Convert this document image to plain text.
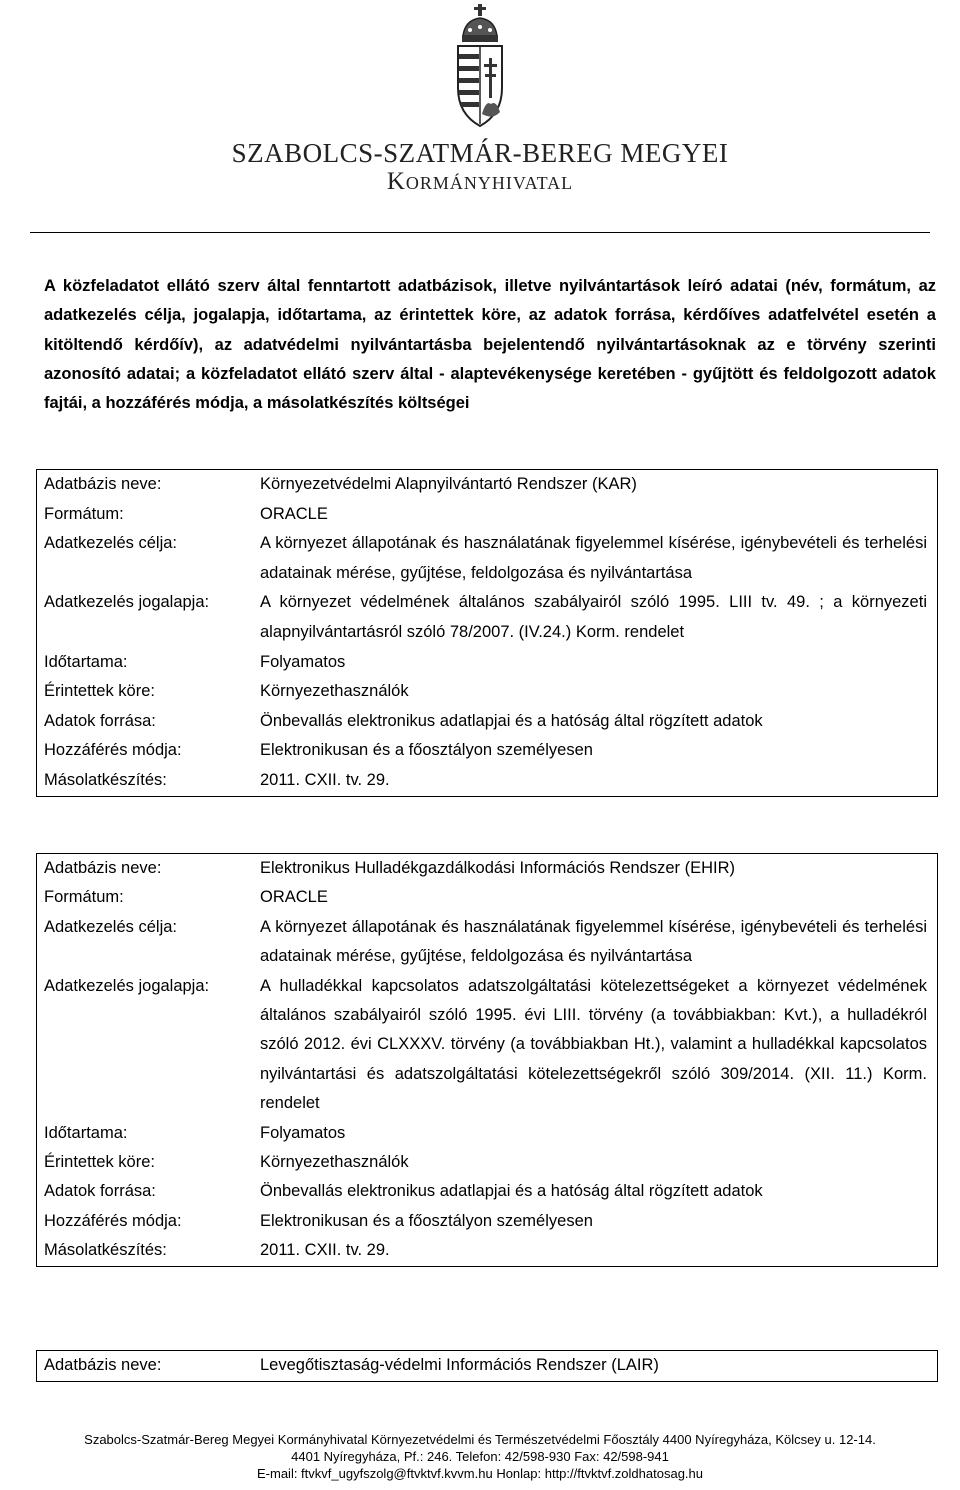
SZABOLCS-SZATMÁR-BEREG MEGYEI
Kormányhivatal

A közfeladatot ellátó szerv által fenntartott adatbázisok, illetve nyilvántartások leíró adatai (név, formátum, az adatkezelés célja, jogalapja, időtartama, az érintettek köre, az adatok forrása, kérdőíves adatfelvétel esetén a kitöltendő kérdőív), az adatvédelmi nyilvántartásba bejelentendő nyilvántartásoknak az e törvény szerinti azonosító adatai; a közfeladatot ellátó szerv által - alaptevékenysége keretében - gyűjtött és feldolgozott adatok fajtái, a hozzáférés módja, a másolatkészítés költségei

Adatbázis neve:	Környezetvédelmi Alapnyilvántartó Rendszer (KAR)
Formátum:	ORACLE
Adatkezelés célja:	A környezet állapotának és használatának figyelemmel kísérése, igénybevételi és terhelési adatainak mérése, gyűjtése, feldolgozása és nyilvántartása
Adatkezelés jogalapja:	A környezet védelmének általános szabályairól szóló 1995. LIII tv. 49. ; a környezeti alapnyilvántartásról szóló 78/2007. (IV.24.) Korm. rendelet
Időtartama:	Folyamatos
Érintettek köre:	Környezethasználók
Adatok forrása:	Önbevallás elektronikus adatlapjai és a hatóság által rögzített adatok
Hozzáférés módja:	Elektronikusan és a főosztályon személyesen
Másolatkészítés:	2011. CXII. tv. 29.
Adatbázis neve:	Elektronikus Hulladékgazdálkodási Információs Rendszer (EHIR)
Formátum:	ORACLE
Adatkezelés célja:	A környezet állapotának és használatának figyelemmel kísérése, igénybevételi és terhelési adatainak mérése, gyűjtése, feldolgozása és nyilvántartása
Adatkezelés jogalapja:	A hulladékkal kapcsolatos adatszolgáltatási kötelezettségeket a környezet védelmének általános szabályairól szóló 1995. évi LIII. törvény (a továbbiakban: Kvt.), a hulladékról szóló 2012. évi CLXXXV. törvény (a továbbiakban Ht.), valamint a hulladékkal kapcsolatos nyilvántartási és adatszolgáltatási kötelezettségekről szóló 309/2014. (XII. 11.) Korm. rendelet
Időtartama:	Folyamatos
Érintettek köre:	Környezethasználók
Adatok forrása:	Önbevallás elektronikus adatlapjai és a hatóság által rögzített adatok
Hozzáférés módja:	Elektronikusan és a főosztályon személyesen
Másolatkészítés:	2011. CXII. tv. 29.
Adatbázis neve:	Levegőtisztaság-védelmi Információs Rendszer (LAIR)
Szabolcs-Szatmár-Bereg Megyei Kormányhivatal Környezetvédelmi és Természetvédelmi Főosztály 4400 Nyíregyháza, Kölcsey u. 12-14.
4401 Nyíregyháza, Pf.: 246. Telefon: 42/598-930 Fax: 42/598-941
E-mail: ftvkvf_ugyfszolg@ftvktvf.kvvm.hu Honlap: http://ftvktvf.zoldhatosag.hu
